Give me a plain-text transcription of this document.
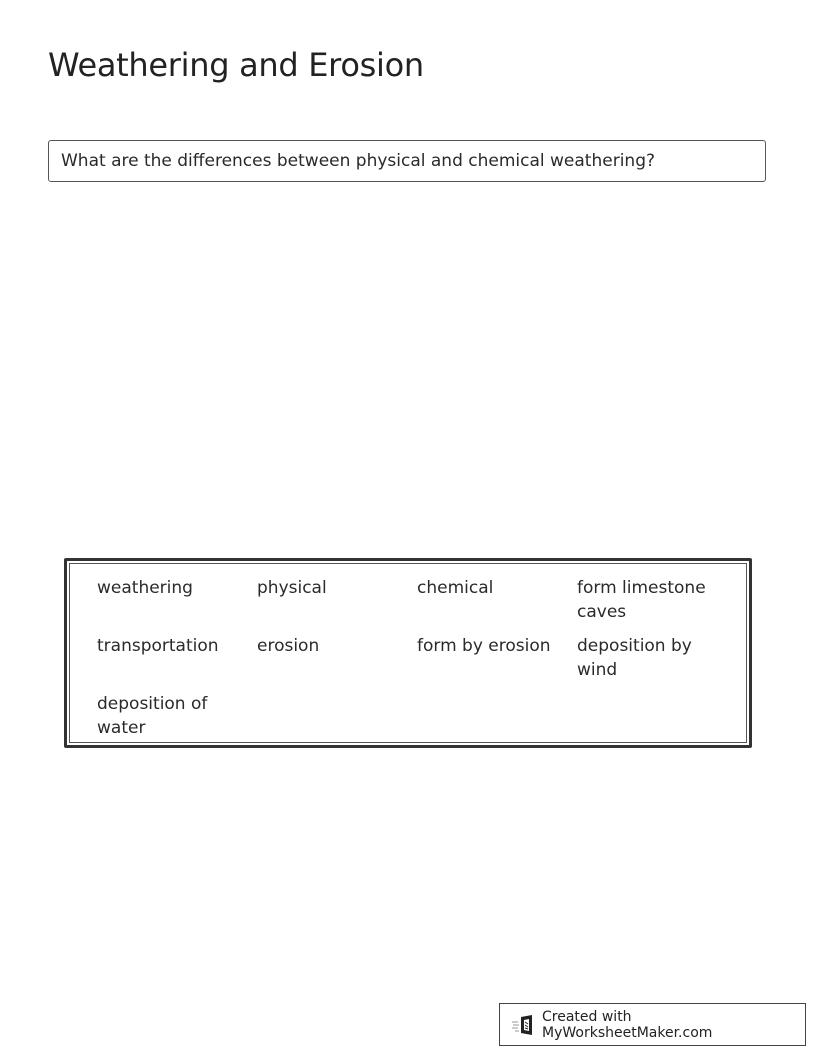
Weathering and Erosion
What are the differences between physical and chemical weathering?
weathering	physical	chemical	form limestone caves
transportation	erosion	form by erosion	deposition by wind
deposition of water
Created with MyWorksheetMaker.com
